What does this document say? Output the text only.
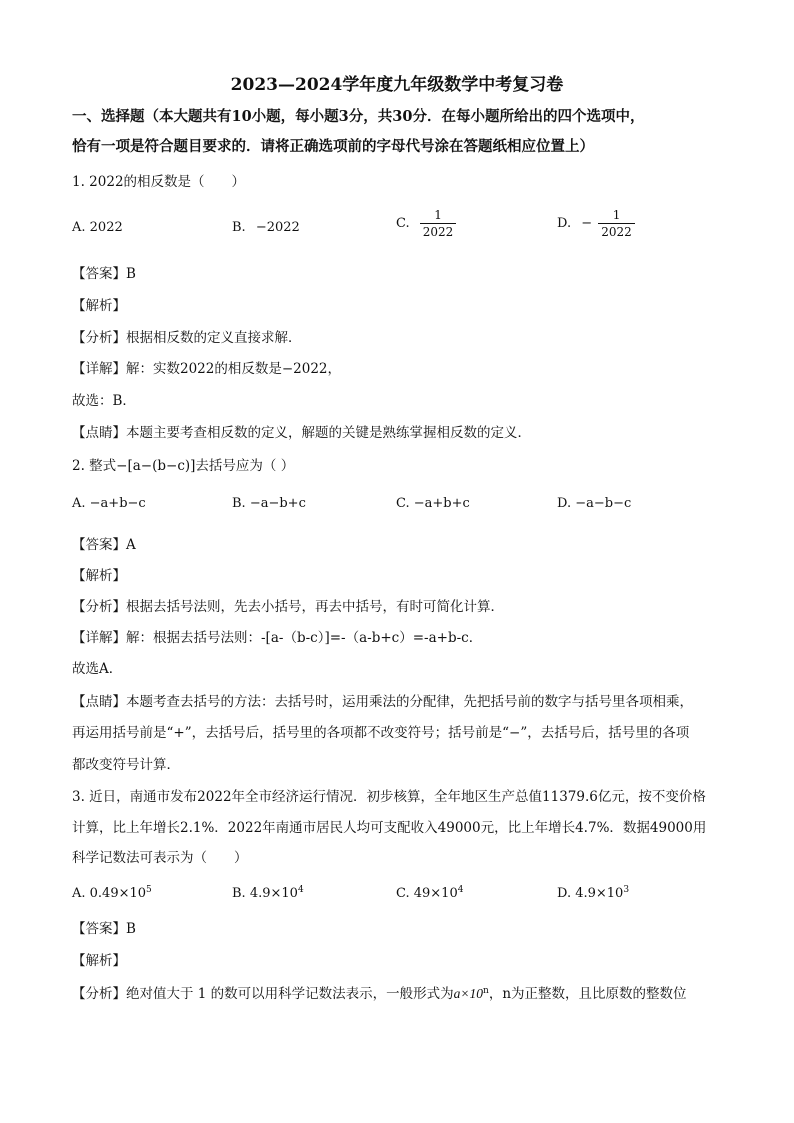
2023—2024学年度九年级数学中考复习卷
一、选择题（本大题共有10小题，每小题3分，共30分．在每小题所给出的四个选项中，
恰有一项是符合题目要求的．请将正确选项前的字母代号涂在答题纸相应位置上）
1. 2022的相反数是（　　）
A. 2022	B. −2022	C. $\frac{1}{2022}$	D. − $\frac{1}{2022}$
【答案】B
【解析】
【分析】根据相反数的定义直接求解．
【详解】解：实数2022的相反数是−2022，
故选：B．
【点睛】本题主要考查相反数的定义，解题的关键是熟练掌握相反数的定义．
2. 整式−[a−(b−c)]去括号应为（ ）
A. −a+b−c	B. −a−b+c	C. −a+b+c	D. −a−b−c
【答案】A
【解析】
【分析】根据去括号法则，先去小括号，再去中括号，有时可简化计算．
【详解】解：根据去括号法则：-[a-（b-c）]=-（a-b+c）=-a+b-c．
故选A．
【点睛】本题考查去括号的方法：去括号时，运用乘法的分配律，先把括号前的数字与括号里各项相乘，
再运用括号前是“+”，去括号后，括号里的各项都不改变符号；括号前是“−”，去括号后，括号里的各项
都改变符号计算．
3. 近日，南通市发布2022年全市经济运行情况．初步核算，全年地区生产总值11379.6亿元，按不变价格
计算，比上年增长2.1%．2022年南通市居民人均可支配收入49000元，比上年增长4.7%．数据49000用
科学记数法可表示为（　　）
A. $0.49\times 10^5$	B. $4.9\times 10^4$	C. $49\times 10^4$	D. $4.9\times 10^3$
【答案】B
【解析】
【分析】绝对值大于 1 的数可以用科学记数法表示，一般形式为$a\times 10^n$，n为正整数，且比原数的整数位
